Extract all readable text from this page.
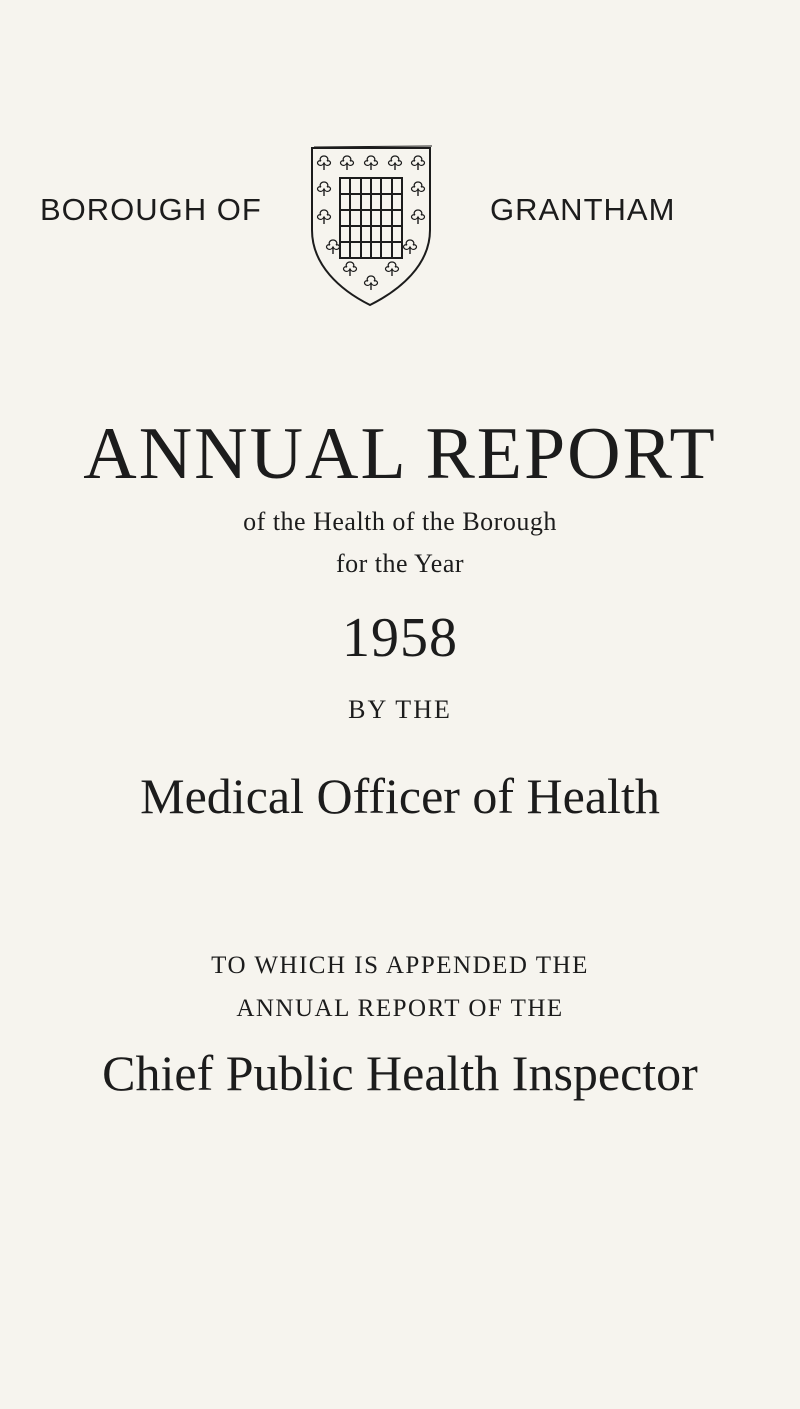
BOROUGH OF	GRANTHAM
ANNUAL REPORT
of the Health of the Borough
for the Year
1958
BY THE
Medical Officer of Health
TO WHICH IS APPENDED THE
ANNUAL REPORT OF THE
Chief Public Health Inspector
